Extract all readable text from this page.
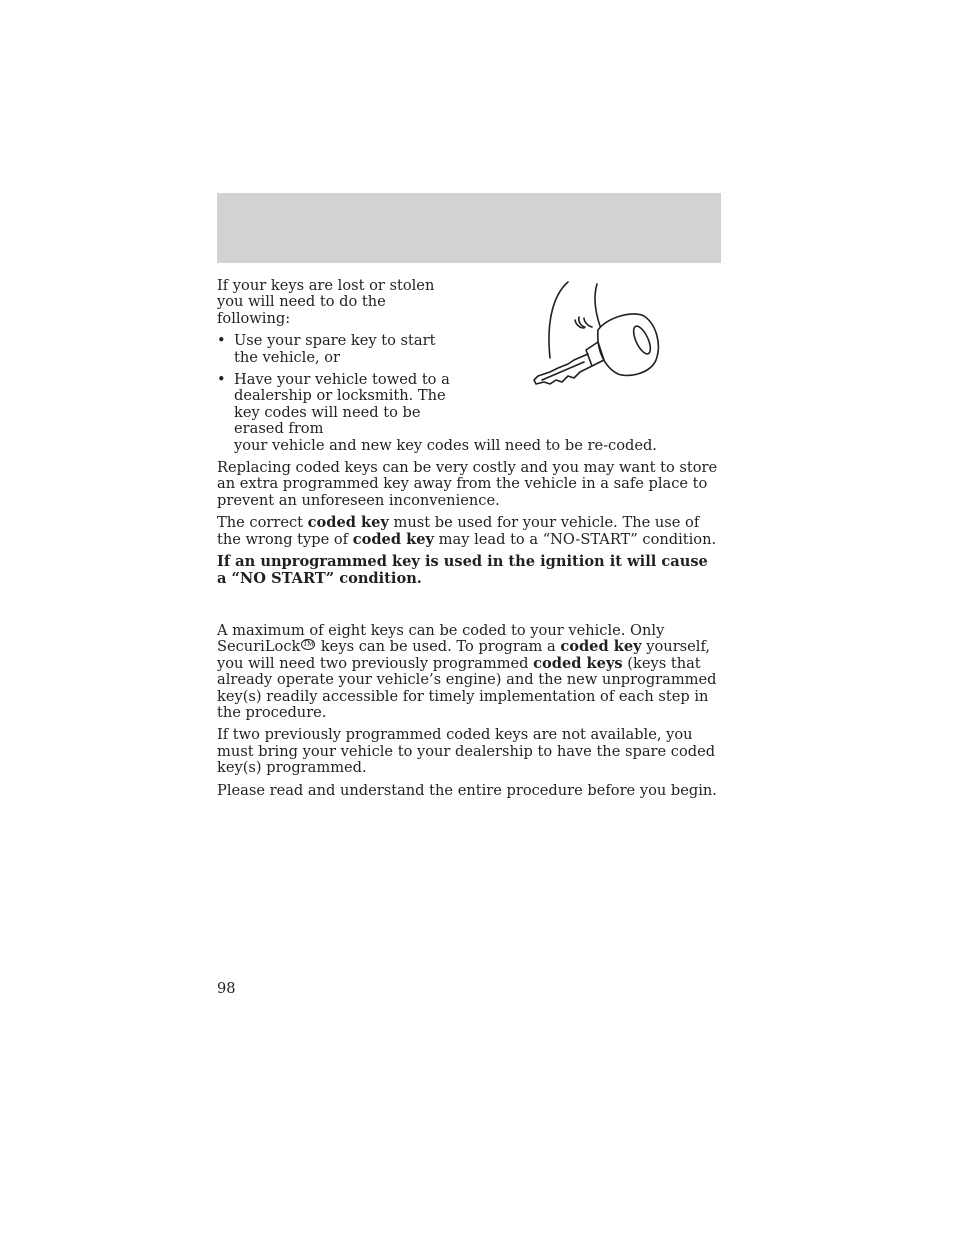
If your keys are lost or stolen you will need to do the following:

• Use your spare key to start the vehicle, or
• Have your vehicle towed to a dealership or locksmith. The key codes will need to be erased from
your vehicle and new key codes will need to be re-coded.

Replacing coded keys can be very costly and you may want to store an extra programmed key away from the vehicle in a safe place to prevent an unforeseen inconvenience.

The correct coded key must be used for your vehicle. The use of the wrong type of coded key may lead to a “NO-START” condition.

If an unprogrammed key is used in the ignition it will cause a “NO START” condition.

A maximum of eight keys can be coded to your vehicle. Only SecuriLock TM keys can be used. To program a coded key yourself, you will need two previously programmed coded keys (keys that already operate your vehicle’s engine) and the new unprogrammed key(s) readily accessible for timely implementation of each step in the procedure.

If two previously programmed coded keys are not available, you must bring your vehicle to your dealership to have the spare coded key(s) programmed.

Please read and understand the entire procedure before you begin.

98
